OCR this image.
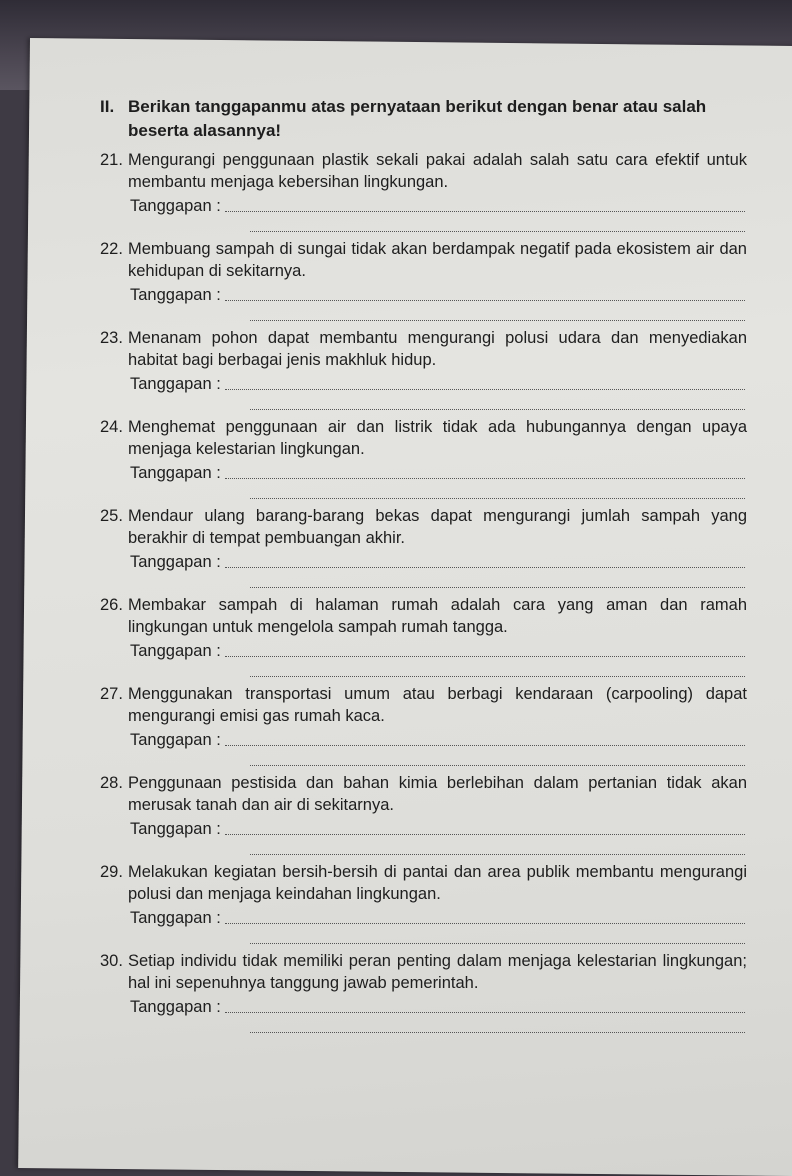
II. Berikan tanggapanmu atas pernyataan berikut dengan benar atau salah beserta alasannya!
21. Mengurangi penggunaan plastik sekali pakai adalah salah satu cara efektif untuk membantu menjaga kebersihan lingkungan.
Tanggapan :
22. Membuang sampah di sungai tidak akan berdampak negatif pada ekosistem air dan kehidupan di sekitarnya.
Tanggapan :
23. Menanam pohon dapat membantu mengurangi polusi udara dan menyediakan habitat bagi berbagai jenis makhluk hidup.
Tanggapan :
24. Menghemat penggunaan air dan listrik tidak ada hubungannya dengan upaya menjaga kelestarian lingkungan.
Tanggapan :
25. Mendaur ulang barang-barang bekas dapat mengurangi jumlah sampah yang berakhir di tempat pembuangan akhir.
Tanggapan :
26. Membakar sampah di halaman rumah adalah cara yang aman dan ramah lingkungan untuk mengelola sampah rumah tangga.
Tanggapan :
27. Menggunakan transportasi umum atau berbagi kendaraan (carpooling) dapat mengurangi emisi gas rumah kaca.
Tanggapan :
28. Penggunaan pestisida dan bahan kimia berlebihan dalam pertanian tidak akan merusak tanah dan air di sekitarnya.
Tanggapan :
29. Melakukan kegiatan bersih-bersih di pantai dan area publik membantu mengurangi polusi dan menjaga keindahan lingkungan.
Tanggapan :
30. Setiap individu tidak memiliki peran penting dalam menjaga kelestarian lingkungan; hal ini sepenuhnya tanggung jawab pemerintah.
Tanggapan :
